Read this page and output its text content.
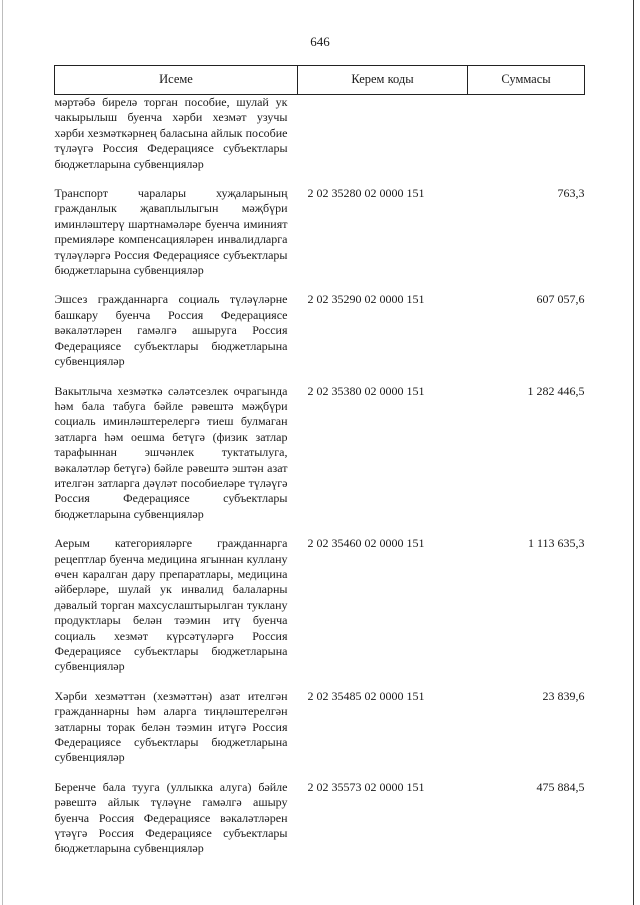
646
Исеме	Керем коды	Суммасы
мәртәбә бирелә торган пособие, шулай ук чакырылыш буенча хәрби хезмәт узучы хәрби хезмәткәрнең баласына айлык пособие түләүгә Россия Федерациясе субъектлары бюджетларына субвенцияләр		
Транспорт чаралары хуҗаларының гражданлык җаваплылыгын мәҗбүри иминләштерү шартнамәләре буенча иминият премияләре компенсацияләрен инвалидларга түләүләргә Россия Федерациясе субъектлары бюджетларына субвенцияләр	2 02 35280 02 0000 151	763,3
Эшсез гражданнарга социаль түләүләрне башкару буенча Россия Федерациясе вәкаләтләрен гамәлгә ашыруга Россия Федерациясе субъектлары бюджетларына субвенцияләр	2 02 35290 02 0000 151	607 057,6
Вакытлыча хезмәткә сәләтсезлек очрагында һәм бала табуга бәйле рәвештә мәҗбүри социаль иминләштерелергә тиеш булмаган затларга һәм оешма бетүгә (физик затлар тарафыннан эшчәнлек туктатылуга, вәкаләтләр бетүгә) бәйле рәвештә эштән азат ителгән затларга дәүләт пособиеләре түләүгә Россия Федерациясе субъектлары бюджетларына субвенцияләр	2 02 35380 02 0000 151	1 282 446,5
Аерым категорияләрге гражданнарга рецептлар буенча медицина ягыннан куллану өчен каралган дару препаратлары, медицина әйберләре, шулай ук инвалид балаларны дәвалый торган махсуслаштырылган туклану продуктлары белән тәэмин итү буенча социаль хезмәт күрсәтүләргә Россия Федерациясе субъектлары бюджетларына субвенцияләр	2 02 35460 02 0000 151	1 113 635,3
Хәрби хезмәттән (хезмәттән) азат ителгән гражданнарны һәм аларга тиңләштерелгән затларны торак белән тәэмин итүгә Россия Федерациясе субъектлары бюджетларына субвенцияләр	2 02 35485 02 0000 151	23 839,6
Беренче бала туугa (уллыкка алуга) бәйле рәвештә айлык түләүне гамәлгә ашыру буенча Россия Федерациясе вәкаләтләрен үтәүгә Россия Федерациясе субъектлары бюджетларына субвенцияләр	2 02 35573 02 0000 151	475 884,5
